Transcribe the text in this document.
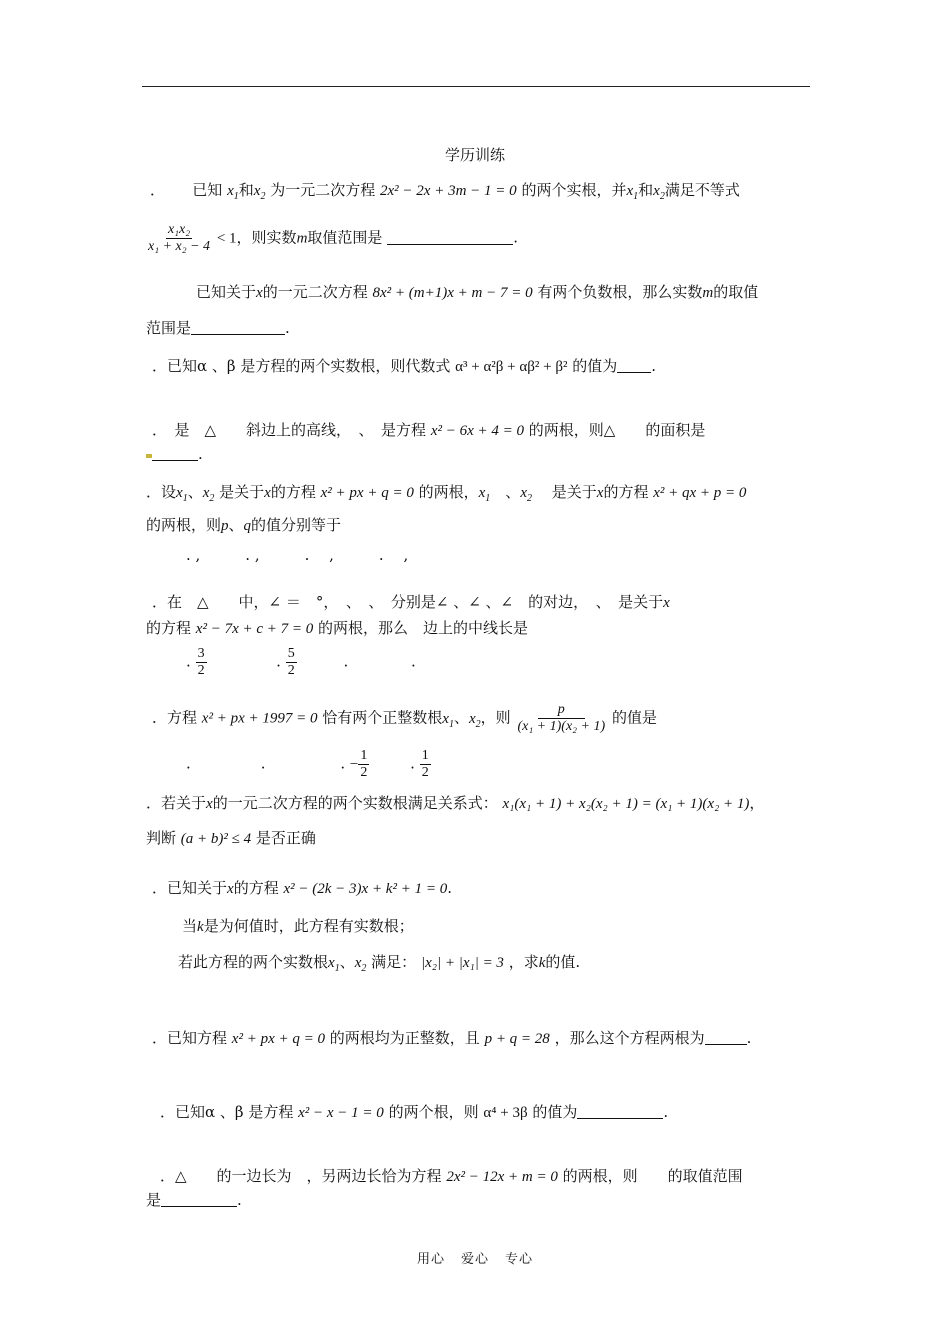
学历训练
．　　 已知 $x_1$和$x_2$ 为一元二次方程 2x² − 2x + 3m − 1 = 0 的两个实根，并$x_1$和$x_2$满足不等式
$\frac{\text{x₁x₂}}{\text{x₁ + x₂ − 4}} < 1$，则实数m取值范围是	.
已知关于x的一元二次方程 8x² + (m+1)x + m − 7 = 0 有两个负数根，那么实数m的取值
范围是	.
．已知α 、β 是方程的两个实数根，则代数式 α³ + α²β + αβ² + β² 的值为 .
．　是　△　　斜边上的高线，　、　是方程 x² − 6x + 4 = 0 的两根，则△　　的面积是
.
．设$x_1$、$x_2$ 是关于x的方程 x² + px + q = 0 的两根，$x_1$　、$x_2$　 是关于x的方程 x² + qx + p = 0
的两根，则p、q的值分别等于
. ,　　　. ,　　　.　 ,　　　.　 ,
．在　△　　中，∠ ＝　°，　、　、　分别是∠ 、∠ 、∠　的对边，　、　是关于x
的方程 x² − 7x + c + 7 = 0 的两根，那么　边上的中线长是
. $\frac{3}{2}$	. $\frac{5}{2}$	.	.
．方程 x² + px + 1997 = 0 恰有两个正整数根$x_1$、$x_2$，则 $\frac{p}{\text{(x₁ + 1)(x₂ + 1)}}$ 的值是
.	.	. − $\frac{1}{2}$	. $\frac{1}{2}$
．若关于x的一元二次方程的两个实数根满足关系式： x₁(x₁ + 1) + x₂(x₂ + 1) = (x₁ + 1)(x₂ + 1)，
判断 (a + b)² ≤ 4 是否正确
．已知关于x的方程 x² − (2k − 3)x + k² + 1 = 0.
当k是为何值时，此方程有实数根；
若此方程的两个实数根$x_1$、$x_2$ 满足： |x₂| + |x₁| = 3 ，求k的值.
．已知方程 x² + px + q = 0 的两根均为正整数，且 p + q = 28 ，那么这个方程两根为	.
．已知α 、β 是方程 x² − x − 1 = 0 的两个根，则 α⁴ + 3β 的值为	.
．△　　的一边长为　，另两边长恰为方程 2x² − 12x + m = 0 的两根，则　　的取值范围
是	.
用心 爱心 专心
